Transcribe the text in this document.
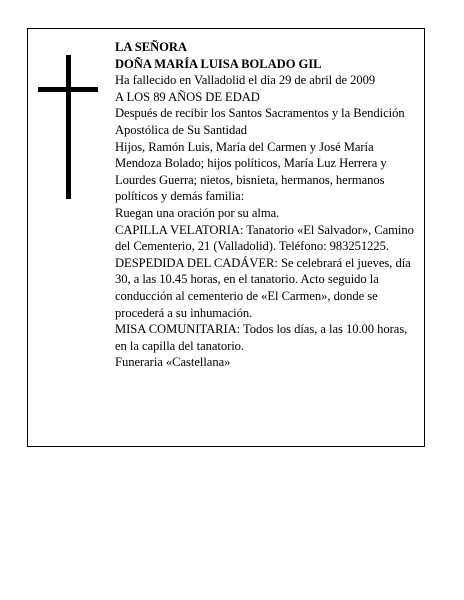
LA SEÑORA

DOÑA MARÍA LUISA BOLADO GIL

Ha fallecido en Valladolid el día 29 de abril de 2009

A LOS 89 AÑOS DE EDAD

Después de recibir los Santos Sacramentos y la Bendición Apostólica de Su Santidad

Hijos, Ramón Luis, María del Carmen y José María Mendoza Bolado; hijos políticos, María Luz Herrera y Lourdes Guerra; nietos, bisnieta, hermanos, hermanos políticos y demás familia:

Ruegan una oración por su alma.

CAPILLA VELATORIA: Tanatorio «El Salvador», Camino del Cementerio, 21 (Valladolid). Teléfono: 983251225.

DESPEDIDA DEL CADÁVER: Se celebrará el jueves, día 30, a las 10.45 horas, en el tanatorio. Acto seguido la conducción al cementerio de «El Carmen», donde se procederá a su inhumación.

MISA COMUNITARIA: Todos los días, a las 10.00 horas, en la capilla del tanatorio.

Funeraria «Castellana»
